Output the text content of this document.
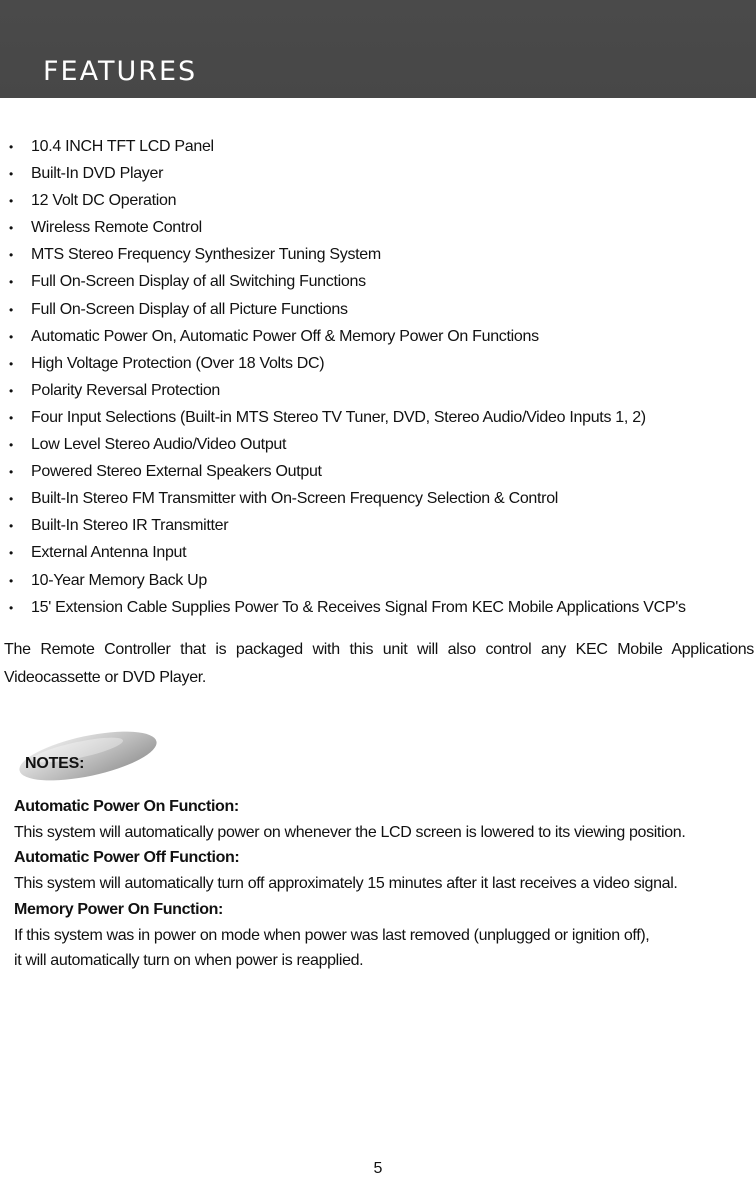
FEATURES
• 10.4 INCH TFT LCD Panel
• Built-In DVD Player
• 12 Volt DC Operation
• Wireless Remote Control
• MTS Stereo Frequency Synthesizer Tuning System
• Full On-Screen Display of all Switching Functions
• Full On-Screen Display of all Picture Functions
• Automatic Power On, Automatic Power Off & Memory Power On Functions
• High Voltage Protection (Over 18 Volts DC)
• Polarity Reversal Protection
• Four Input Selections (Built-in MTS Stereo TV Tuner, DVD, Stereo Audio/Video Inputs 1, 2)
• Low Level Stereo Audio/Video Output
• Powered Stereo External Speakers Output
• Built-In Stereo FM Transmitter with On-Screen Frequency Selection & Control
• Built-In Stereo IR Transmitter
• External Antenna Input
• 10-Year Memory Back Up
• 15' Extension Cable Supplies Power To & Receives Signal From KEC Mobile Applications VCP's

The Remote Controller that is packaged with this unit will also control any KEC Mobile Applications Videocassette or DVD Player.

NOTES:
Automatic Power On Function:
This system will automatically power on whenever the LCD screen is lowered to its viewing position.
Automatic Power Off Function:
This system will automatically turn off approximately 15 minutes after it last receives a video signal.
Memory Power On Function:
If this system was in power on mode when power was last removed (unplugged or ignition off),
it will automatically turn on when power is reapplied.
5
